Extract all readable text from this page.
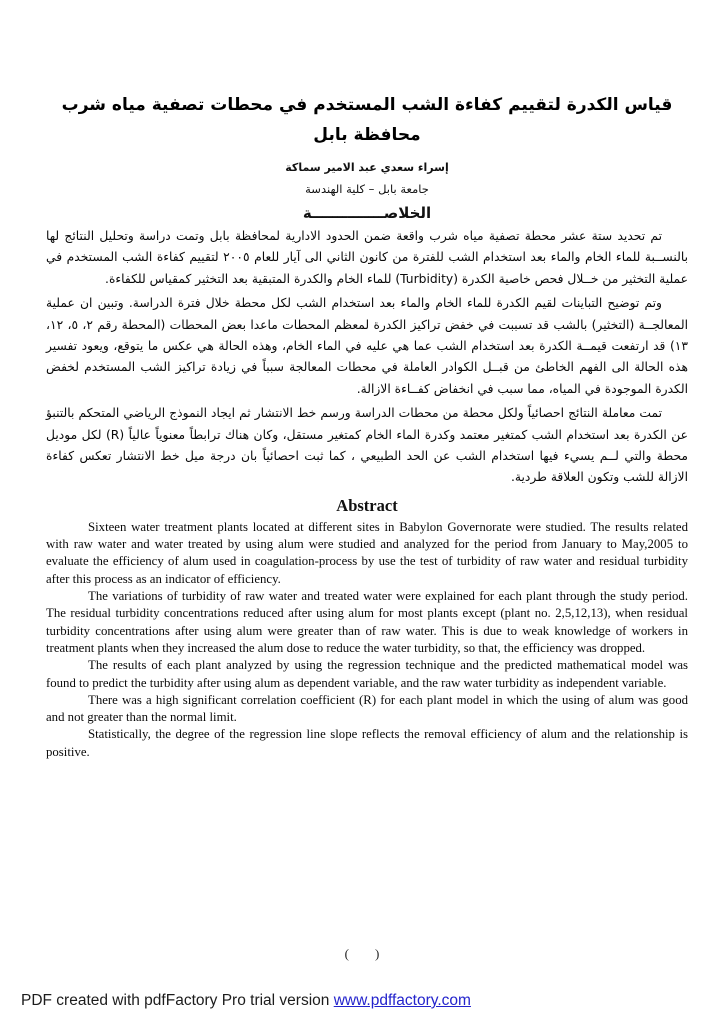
قياس الكدرة لتقييم كفاءة الشب المستخدم في محطات تصفية مياه شرب محافظة بابل
إسراء سعدي عبد الامير سماكة
جامعة بابل – كلية الهندسة
الخلاصــــــــــــــة

تم تحديد ستة عشر محطة تصفية مياه شرب واقعة ضمن الحدود الادارية لمحافظة بابل وتمت دراسة وتحليل النتائج لها بالنســبة للماء الخام والماء بعد استخدام الشب للفترة من كانون الثاني الى آيار للعام ٢٠٠٥ لتقييم كفاءة الشب المستخدم في عملية التخثير من خــلال فحص خاصية الكدرة (Turbidity) للماء الخام والكدرة المتبقية بعد التخثير كمقياس للكفاءة.

وتم توضيح التباينات لقيم الكدرة للماء الخام والماء بعد استخدام الشب لكل محطة خلال فترة الدراسة. وتبين ان عملية المعالجــة (التخثير) بالشب قد تسببت في خفض تراكيز الكدرة لمعظم المحطات ماعدا بعض المحطات (المحطة رقم ٢، ٥، ١٢، ١٣) قد ارتفعت قيمــة الكدرة بعد استخدام الشب عما هي عليه في الماء الخام، وهذه الحالة هي عكس ما يتوقع، ويعود تفسير هذه الحالة الى الفهم الخاطئ من قبــل الكوادر العاملة في محطات المعالجة سبباً في زيادة تراكيز الشب المستخدم لخفض الكدرة الموجودة في المياه، مما سبب في انخفاض كفــاءة الازالة.

تمت معاملة النتائج احصائياً ولكل محطة من محطات الدراسة ورسم خط الانتشار ثم ايجاد النموذج الرياضي المتحكم بالتنبؤ عن الكدرة بعد استخدام الشب كمتغير معتمد وكدرة الماء الخام كمتغير مستقل، وكان هناك ترابطاً معنوياً عالياً (R) لكل موديل محطة والتي لــم يسيء فيها استخدام الشب عن الحد الطبيعي ، كما ثبت احصائياً بان درجة ميل خط الانتشار تعكس كفاءة الازالة للشب وتكون العلاقة طردية.

Abstract

Sixteen water treatment plants located at different sites in Babylon Governorate were studied. The results related with raw water and water treated by using alum were studied and analyzed for the period from January to May,2005 to evaluate the efficiency of alum used in coagulation-process by use the test of turbidity of raw water and residual turbidity after this process as an indicator of efficiency.

The variations of turbidity of raw water and treated water were explained for each plant through the study period. The residual turbidity concentrations reduced after using alum for most plants except (plant no. 2,5,12,13), when residual turbidity concentrations after using alum were greater than of raw water. This is due to weak knowledge of workers in treatment plants when they increased the alum dose to reduce the water turbidity, so that, the efficiency was dropped.

The results of each plant analyzed by using the regression technique and the predicted mathematical model was found to predict the turbidity after using alum as dependent variable, and the raw water turbidity as independent variable.

There was a high significant correlation coefficient (R) for each plant model in which the using of alum was good and not greater than the normal limit.

Statistically, the degree of the regression line slope reflects the removal efficiency of alum and the relationship is positive.

(        )
PDF created with pdfFactory Pro trial version www.pdffactory.com
